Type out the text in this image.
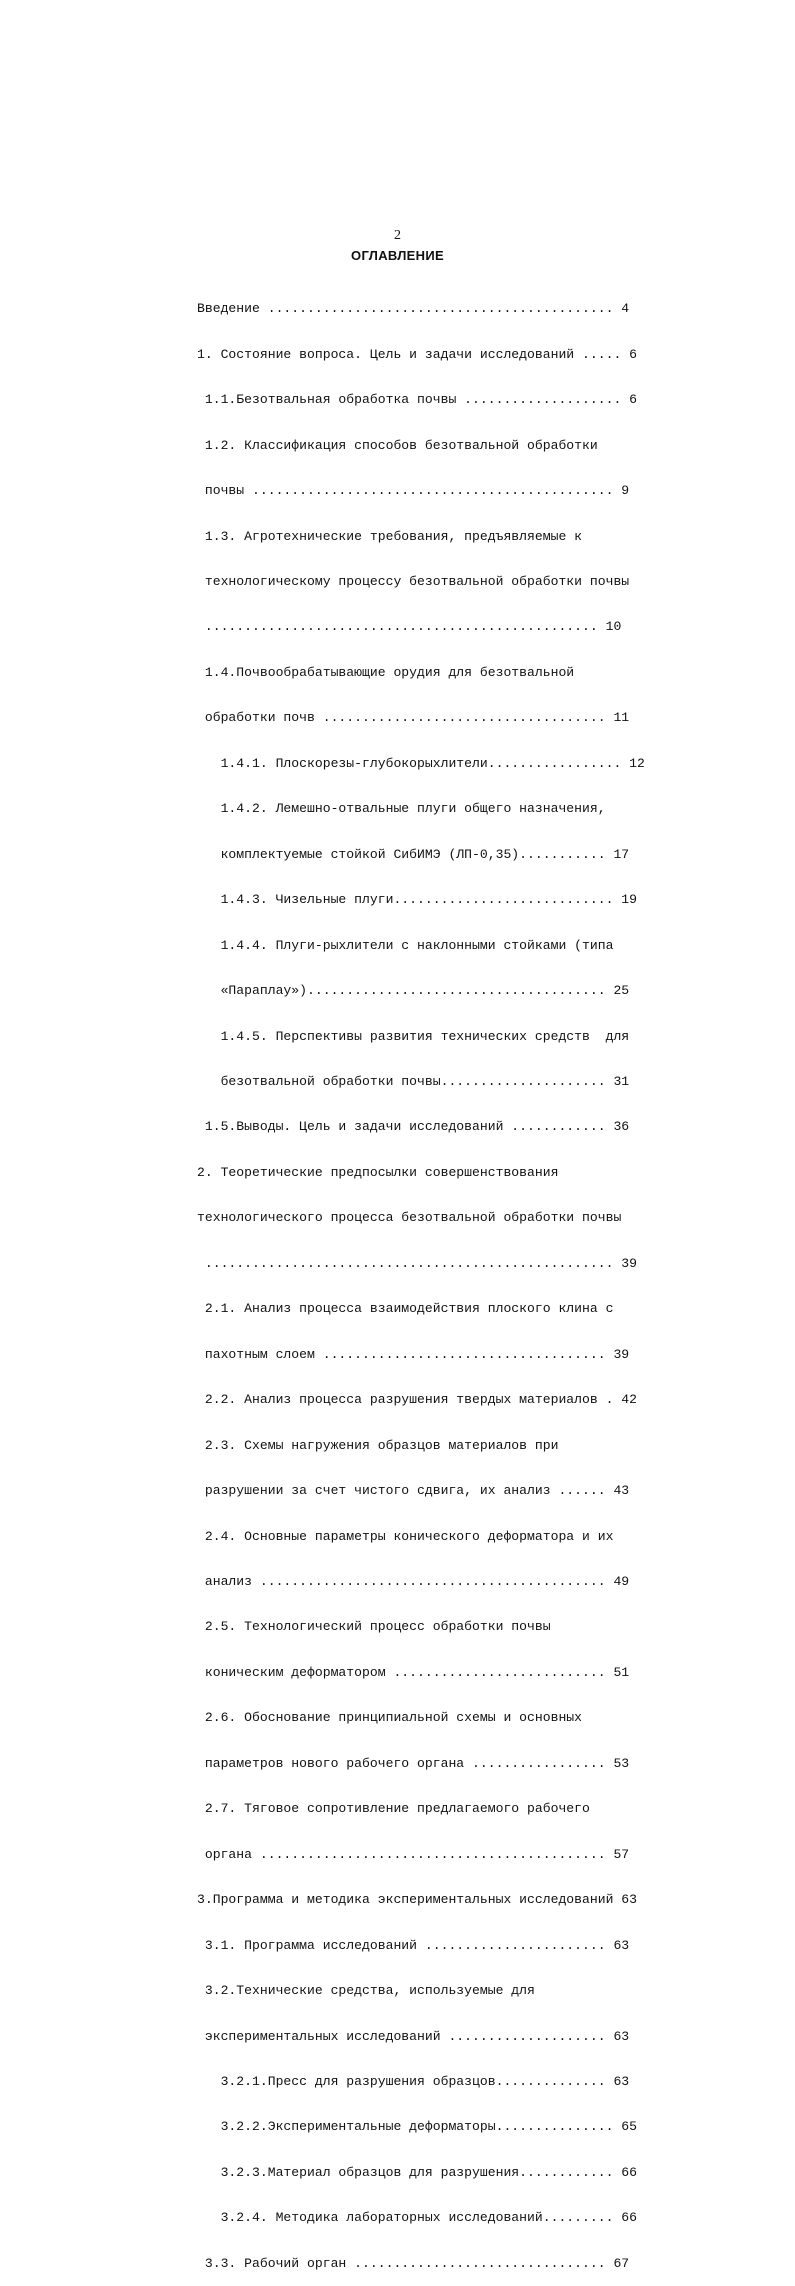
2
ОГЛАВЛЕНИЕ

Введение ............................................ 4

1. Состояние вопроса. Цель и задачи исследований ..... 6

1.1.Безотвальная обработка почвы .................... 6

1.2. Классификация способов безотвальной обработки

почвы .............................................. 9

1.3. Агротехнические требования, предъявляемые к

технологическому процессу безотвальной обработки почвы

.................................................. 10

1.4.Почвообрабатывающие орудия для безотвальной

обработки почв .................................... 11

1.4.1. Плоскорезы-глубокорыхлители................. 12

1.4.2. Лемешно-отвальные плуги общего назначения,

комплектуемые стойкой СибИМЭ (ЛП-0,35)........... 17

1.4.3. Чизельные плуги............................ 19

1.4.4. Плуги-рыхлители с наклонными стойками (типа

«Параплау»)...................................... 25

1.4.5. Перспективы развития технических средств  для

безотвальной обработки почвы..................... 31

1.5.Выводы. Цель и задачи исследований ............ 36

2. Теоретические предпосылки совершенствования

технологического процесса безотвальной обработки почвы

.................................................... 39

2.1. Анализ процесса взаимодействия плоского клина с

пахотным слоем .................................... 39

2.2. Анализ процесса разрушения твердых материалов . 42

2.3. Схемы нагружения образцов материалов при

разрушении за счет чистого сдвига, их анализ ...... 43

2.4. Основные параметры конического деформатора и их

анализ ............................................ 49

2.5. Технологический процесс обработки почвы

коническим деформатором ........................... 51

2.6. Обоснование принципиальной схемы и основных

параметров нового рабочего органа ................. 53

2.7. Тяговое сопротивление предлагаемого рабочего

органа ............................................ 57

3.Программа и методика экспериментальных исследований 63

3.1. Программа исследований ....................... 63

3.2.Технические средства, используемые для

экспериментальных исследований .................... 63

3.2.1.Пресс для разрушения образцов.............. 63

3.2.2.Экспериментальные деформаторы............... 65

3.2.3.Материал образцов для разрушения............ 66

3.2.4. Методика лабораторных исследований......... 66

3.3. Рабочий орган ................................ 67
